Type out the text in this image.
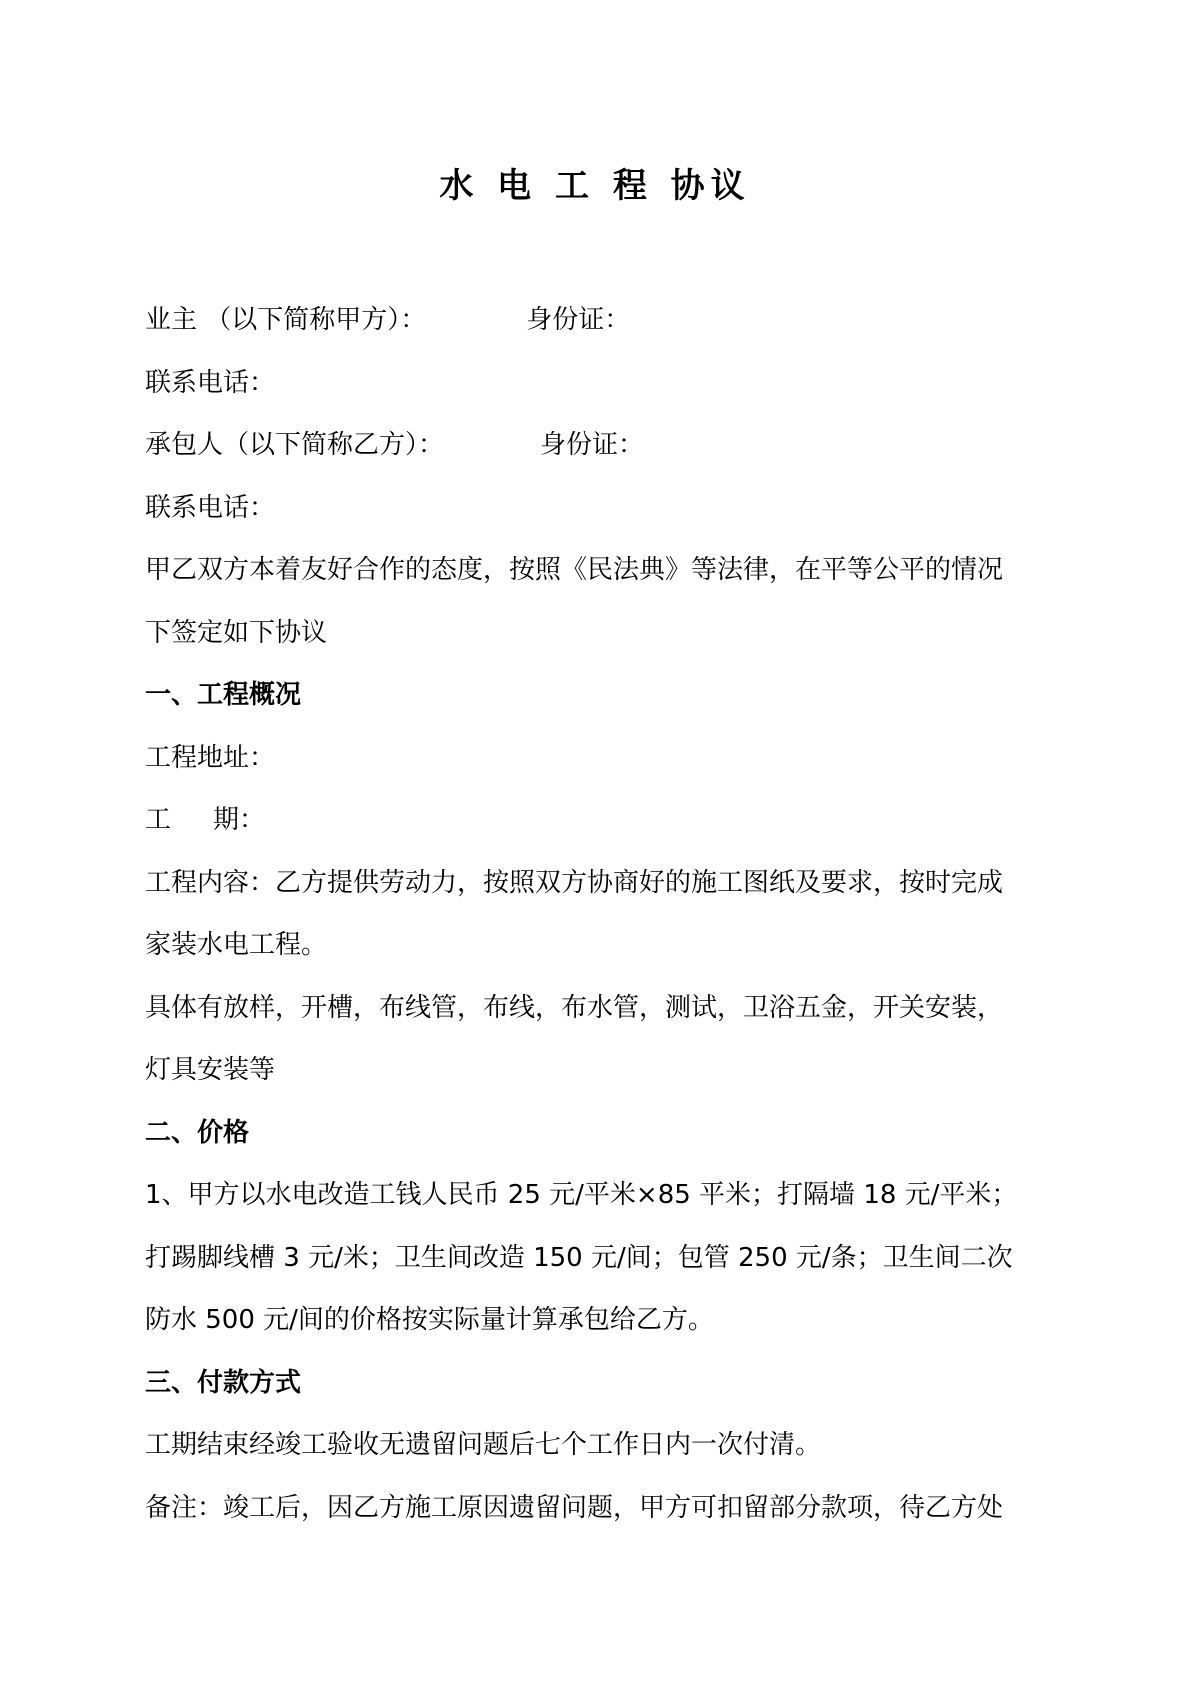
水 电 工 程 协议
业主 （以下简称甲方）：	身份证：
联系电话：
承包人（以下简称乙方）：	身份证：
联系电话：
甲乙双方本着友好合作的态度，按照《民法典》等法律，在平等公平的情况
下签定如下协议
一、工程概况
工程地址：
工 期：
工程内容：乙方提供劳动力，按照双方协商好的施工图纸及要求，按时完成
家装水电工程。
具体有放样，开槽，布线管，布线，布水管，测试，卫浴五金，开关安装，
灯具安装等
二、价格
1、甲方以水电改造工钱人民币 25 元/平米×85 平米；打隔墙 18 元/平米；
打踢脚线槽 3 元/米；卫生间改造 150 元/间；包管 250 元/条；卫生间二次
防水 500 元/间的价格按实际量计算承包给乙方。
三、付款方式
工期结束经竣工验收无遗留问题后七个工作日内一次付清。
备注：竣工后，因乙方施工原因遗留问题，甲方可扣留部分款项，待乙方处
